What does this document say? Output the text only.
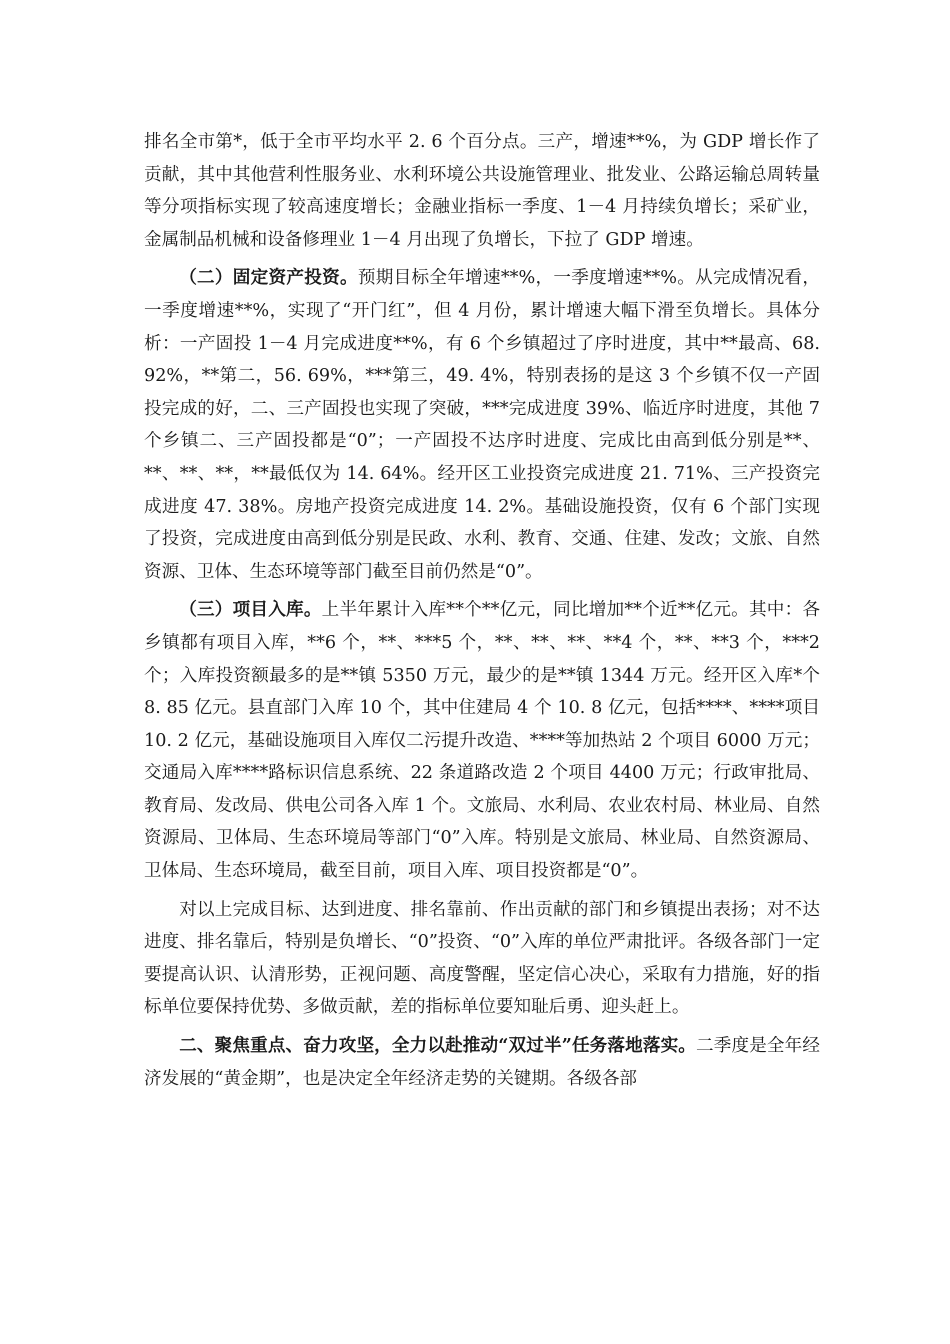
排名全市第*，低于全市平均水平 2. 6 个百分点。三产，增速**%，为 GDP 增长作了贡献，其中其他营利性服务业、水利环境公共设施管理业、批发业、公路运输总周转量等分项指标实现了较高速度增长；金融业指标一季度、1－4 月持续负增长；采矿业，金属制品机械和设备修理业 1－4 月出现了负增长，下拉了 GDP 增速。

（二）固定资产投资。预期目标全年增速**%，一季度增速**%。从完成情况看，一季度增速**%，实现了“开门红”，但 4 月份，累计增速大幅下滑至负增长。具体分析：一产固投 1－4 月完成进度**%，有 6 个乡镇超过了序时进度，其中**最高、68. 92%，**第二，56. 69%，***第三，49. 4%，特别表扬的是这 3 个乡镇不仅一产固投完成的好，二、三产固投也实现了突破，***完成进度 39%、临近序时进度，其他 7 个乡镇二、三产固投都是“0”；一产固投不达序时进度、完成比由高到低分别是**、**、**、**，**最低仅为 14. 64%。经开区工业投资完成进度 21. 71%、三产投资完成进度 47. 38%。房地产投资完成进度 14. 2%。基础设施投资，仅有 6 个部门实现了投资，完成进度由高到低分别是民政、水利、教育、交通、住建、发改；文旅、自然资源、卫体、生态环境等部门截至目前仍然是“0”。

（三）项目入库。上半年累计入库**个**亿元，同比增加**个近**亿元。其中：各乡镇都有项目入库，**6 个，**、***5 个，**、**、**、**4 个，**、**3 个，***2 个；入库投资额最多的是**镇 5350 万元，最少的是**镇 1344 万元。经开区入库*个 8. 85 亿元。县直部门入库 10 个，其中住建局 4 个 10. 8 亿元，包括****、****项目 10. 2 亿元，基础设施项目入库仅二污提升改造、****等加热站 2 个项目 6000 万元；交通局入库****路标识信息系统、22 条道路改造 2 个项目 4400 万元；行政审批局、教育局、发改局、供电公司各入库 1 个。文旅局、水利局、农业农村局、林业局、自然资源局、卫体局、生态环境局等部门“0”入库。特别是文旅局、林业局、自然资源局、卫体局、生态环境局，截至目前，项目入库、项目投资都是“0”。

对以上完成目标、达到进度、排名靠前、作出贡献的部门和乡镇提出表扬；对不达进度、排名靠后，特别是负增长、“0”投资、“0”入库的单位严肃批评。各级各部门一定要提高认识、认清形势，正视问题、高度警醒，坚定信心决心，采取有力措施，好的指标单位要保持优势、多做贡献，差的指标单位要知耻后勇、迎头赶上。

二、聚焦重点、奋力攻坚，全力以赴推动“双过半”任务落地落实。二季度是全年经济发展的“黄金期”，也是决定全年经济走势的关键期。各级各部
